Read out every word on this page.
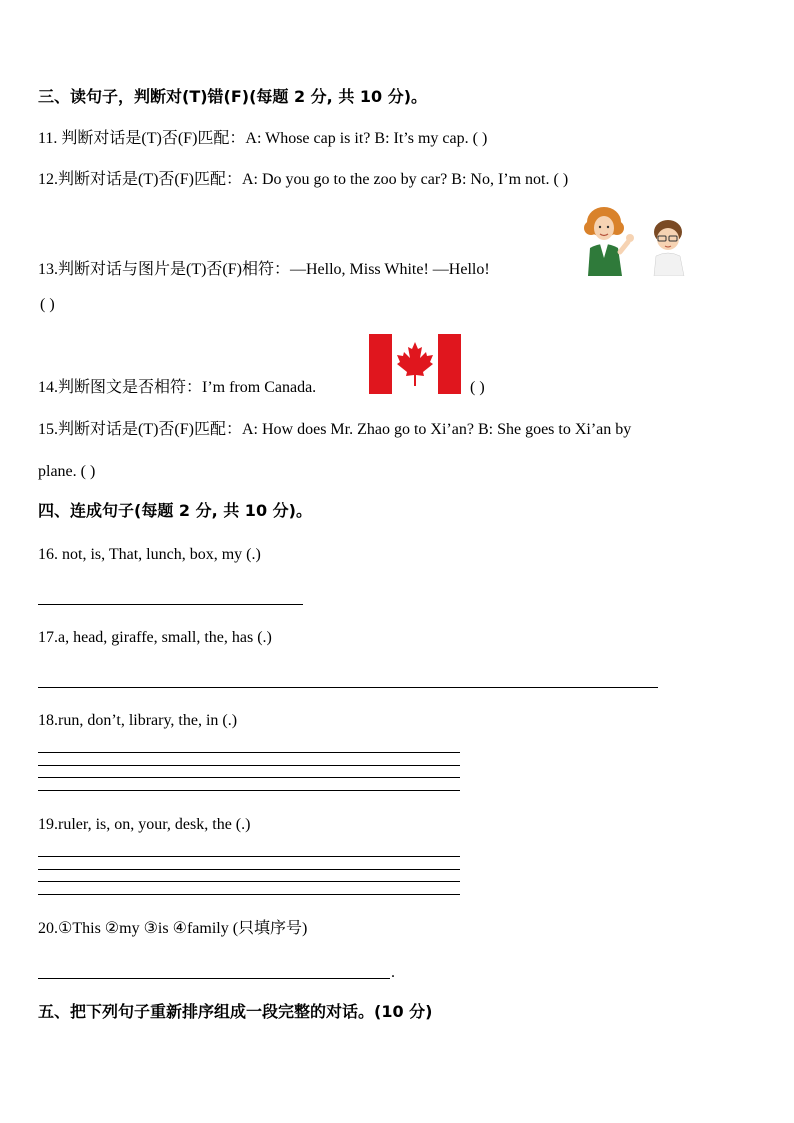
三、读句子，判断对(T)错(F)(每题 2 分, 共 10 分)。
11. 判断对话是(T)否(F)匹配：A: Whose cap is it? B: It’s my cap. ( )
12.判断对话是(T)否(F)匹配：A: Do you go to the zoo by car? B: No, I’m not. ( )
13.判断对话与图片是(T)否(F)相符：—Hello, Miss White! —Hello!
( )
14.判断图文是否相符：I’m from Canada.	( )
15.判断对话是(T)否(F)匹配：A: How does Mr. Zhao go to Xi’an? B: She goes to Xi’an by
plane. ( )
四、连成句子(每题 2 分, 共 10 分)。
16. not, is, That, lunch, box, my (.)
17.a, head, giraffe, small, the, has (.)
18.run, don’t, library, the, in (.)
19.ruler, is, on, your, desk, the (.)
20.①This ②my ③is ④family (只填序号)
.
五、把下列句子重新排序组成一段完整的对话。(10 分)
